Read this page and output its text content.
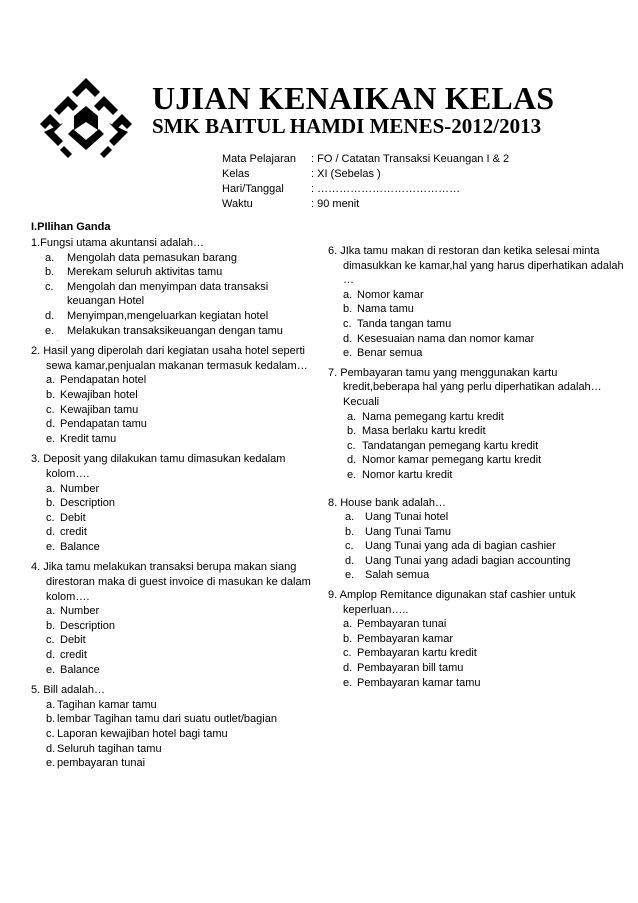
UJIAN KENAIKAN KELAS
SMK BAITUL HAMDI MENES-2012/2013
Mata Pelajaran	: FO / Catatan Transaksi Keuangan I & 2
Kelas	: XI (Sebelas )
Hari/Tanggal	: …………………………………
Waktu	: 90 menit
I.PIlihan Ganda
1.Fungsi utama akuntansi adalah…
a.	Mengolah data pemasukan barang
b.	Merekam seluruh aktivitas tamu
c.	Mengolah dan menyimpan data transaksi keuangan Hotel
d.	Menyimpan,mengeluarkan kegiatan hotel
e.	Melakukan transaksikeuangan dengan tamu
·
2. Hasil yang diperolah dari kegiatan usaha hotel seperti sewa kamar,penjualan makanan termasuk kedalam…
a. Pendapatan hotel
b. Kewajiban hotel
c. Kewajiban tamu
d. Pendapatan tamu
e. Kredit tamu
3. Deposit yang dilakukan tamu dimasukan kedalam kolom….
a. Number
b. Description
c. Debit
d. credit
e. Balance
4. Jika tamu melakukan transaksi berupa makan siang direstoran maka di guest invoice di masukan ke dalam kolom….
a. Number
b. Description
c. Debit
d. credit
e. Balance
5. Bill adalah…
a. Tagihan kamar tamu
b. lembar Tagihan tamu dari suatu outlet/bagian
c. Laporan kewajiban hotel bagi tamu
d. Seluruh tagihan tamu
e. pembayaran tunai
6. JIka tamu makan di restoran dan ketika selesai minta dimasukkan ke kamar,hal yang harus diperhatikan adalah …
a. Nomor kamar
b. Nama tamu
c. Tanda tangan tamu
d. Kesesuaian nama dan nomor kamar
e. Benar semua
7. Pembayaran tamu yang menggunakan kartu kredit,beberapa hal yang perlu diperhatikan adalah…Kecuali
a. Nama pemegang kartu kredit
b. Masa berlaku kartu kredit
c. Tandatangan pemegang kartu kredit
d. Nomor kamar pemegang kartu kredit
e. Nomor kartu kredit
8. House bank adalah…
a. Uang Tunai hotel
b. Uang Tunai Tamu
c.	Uang Tunai yang ada di bagian cashier
d. Uang Tunai yang adadi bagian accounting
e. Salah semua
9. Amplop Remitance digunakan staf cashier untuk keperluan…..
a. Pembayaran tunai
b. Pembayaran kamar
c. Pembayaran kartu kredit
d. Pembayaran bill tamu
e. Pembayaran kamar tamu
